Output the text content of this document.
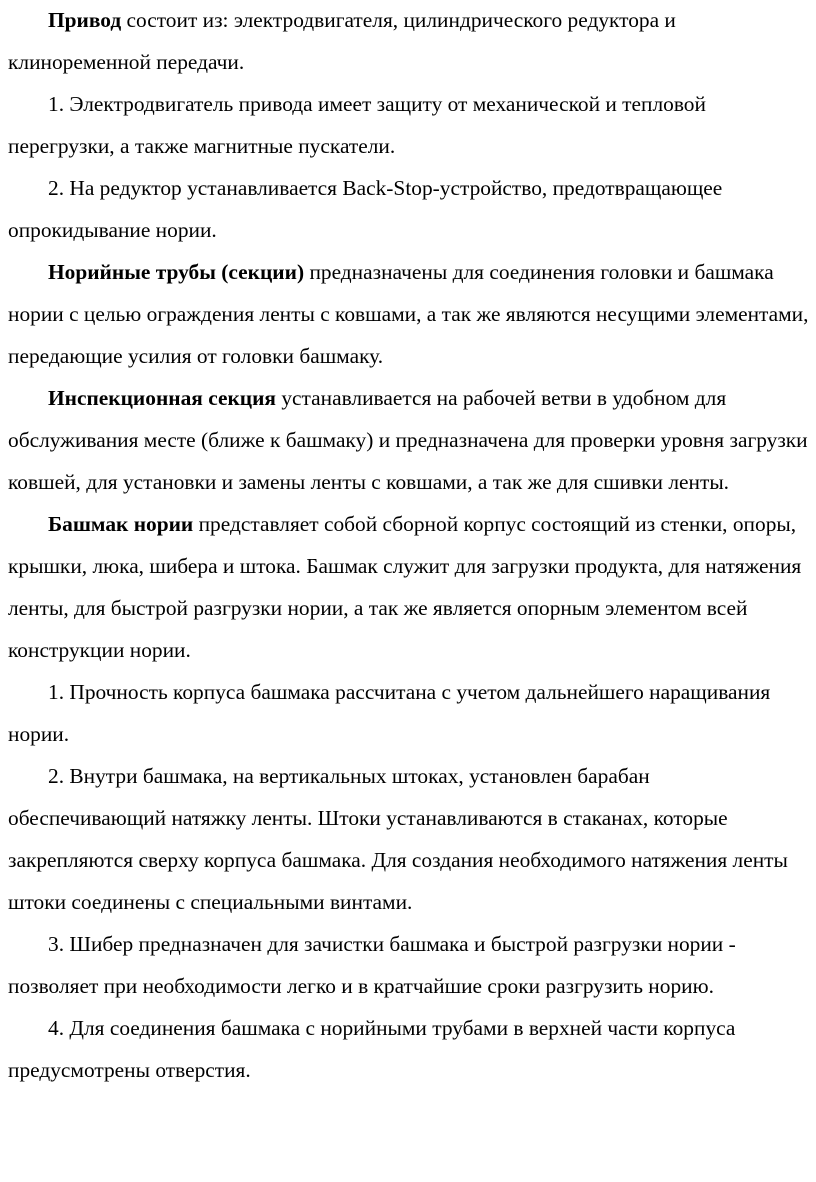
Привод состоит из: электродвигателя, цилиндрического редуктора и клиноременной передачи.

1. Электродвигатель привода имеет защиту от механической и тепловой перегрузки, а также магнитные пускатели.

2. На редуктор устанавливается Back-Stop-устройство, предотвращающее опрокидывание нории.

Норийные трубы (секции) предназначены для соединения головки и башмака нории с целью ограждения ленты с ковшами, а так же являются несущими элементами, передающие усилия от головки башмаку.

Инспекционная секция устанавливается на рабочей ветви в удобном для обслуживания месте (ближе к башмаку) и предназначена для проверки уровня загрузки ковшей, для установки и замены ленты с ковшами, а так же для сшивки ленты.

Башмак нории представляет собой сборной корпус состоящий из стенки, опоры, крышки, люка, шибера и штока. Башмак служит для загрузки продукта, для натяжения ленты, для быстрой разгрузки нории, а так же является опорным элементом всей конструкции нории.

1. Прочность корпуса башмака рассчитана с учетом дальнейшего наращивания нории.

2. Внутри башмака, на вертикальных штоках, установлен барабан обеспечивающий натяжку ленты. Штоки устанавливаются в стаканах, которые закрепляются сверху корпуса башмака. Для создания необходимого натяжения ленты штоки соединены с специальными винтами.

3. Шибер предназначен для зачистки башмака и быстрой разгрузки нории - позволяет при необходимости легко и в кратчайшие сроки разгрузить норию.

4. Для соединения башмака с норийными трубами в верхней части корпуса предусмотрены отверстия.
